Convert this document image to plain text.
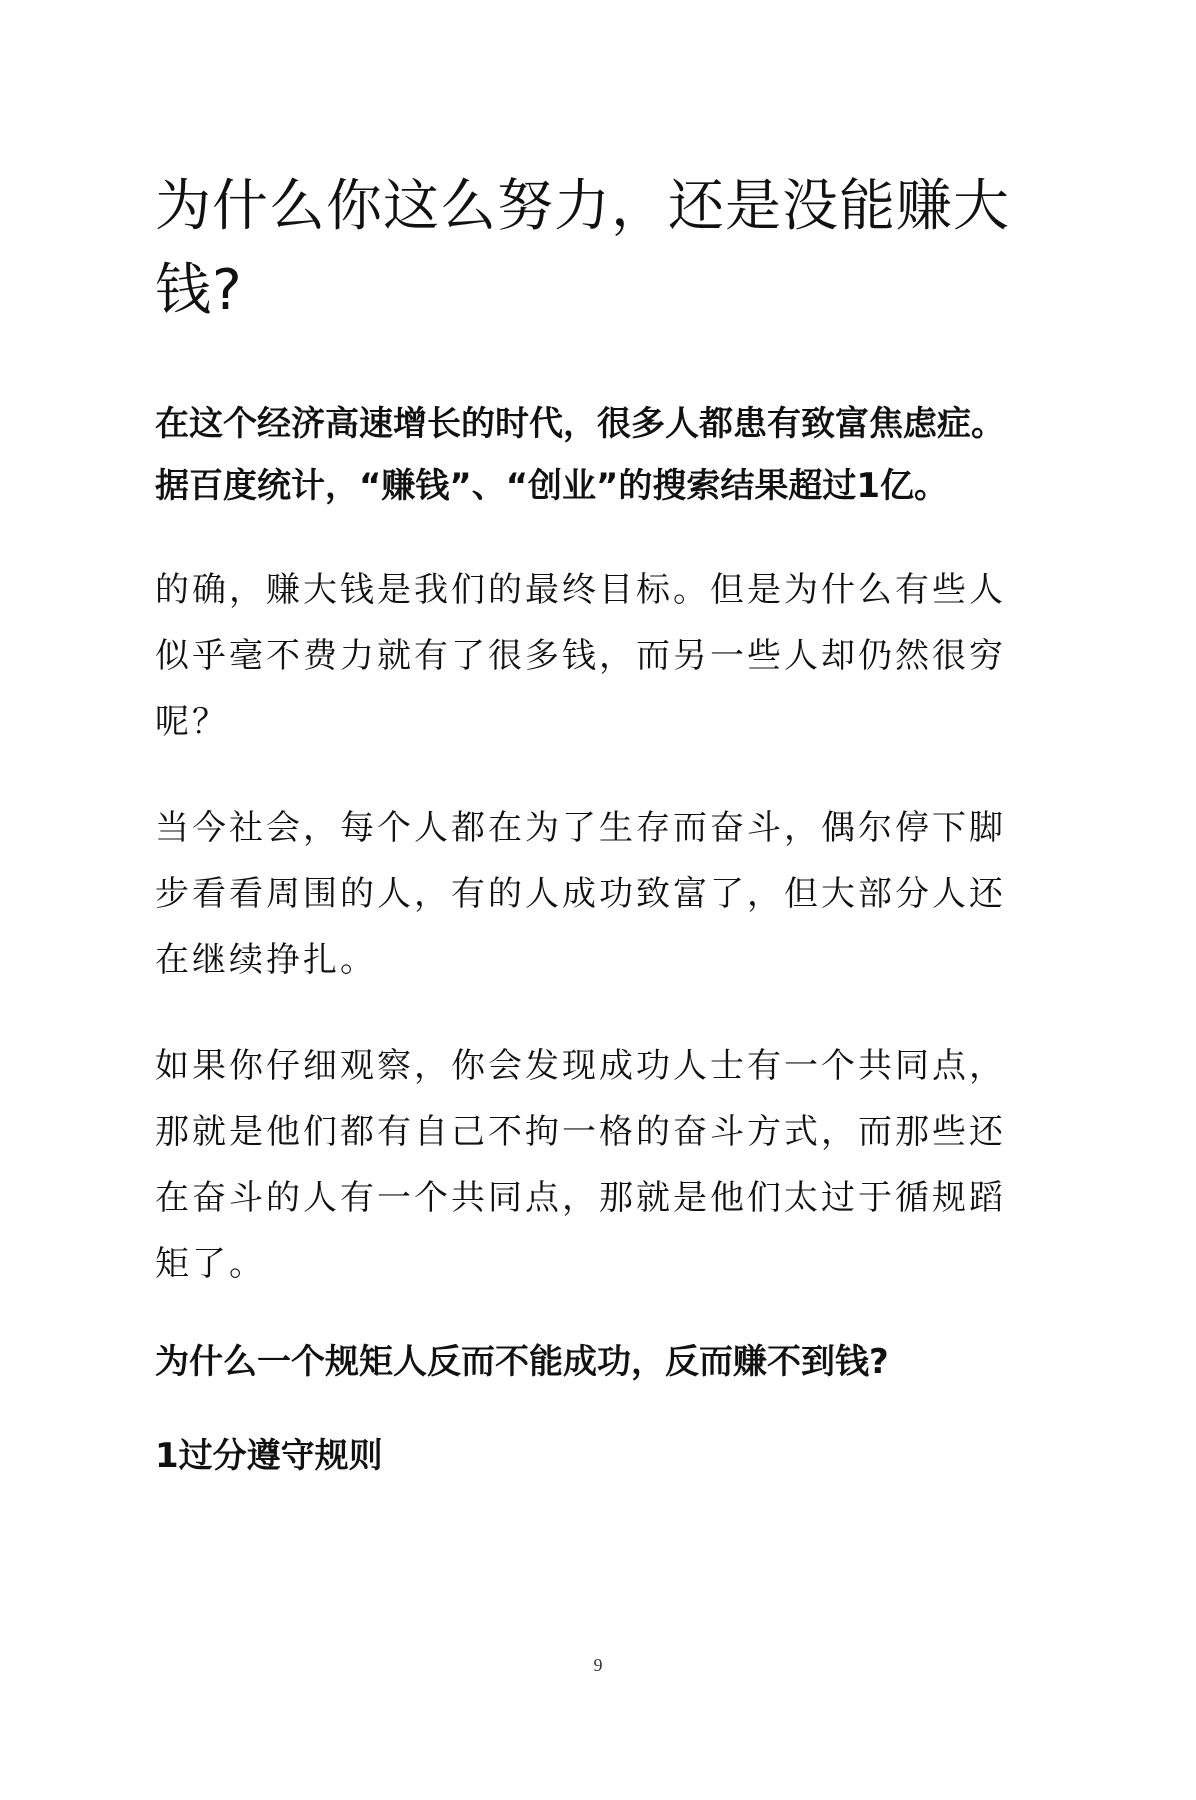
为什么你这么努力，还是没能赚大钱?

在这个经济高速增长的时代，很多人都患有致富焦虑症。据百度统计，“赚钱”、“创业”的搜索结果超过1亿。

的确，赚大钱是我们的最终目标。但是为什么有些人似乎毫不费力就有了很多钱，而另一些人却仍然很穷呢？

当今社会，每个人都在为了生存而奋斗，偶尔停下脚步看看周围的人，有的人成功致富了，但大部分人还在继续挣扎。

如果你仔细观察，你会发现成功人士有一个共同点，那就是他们都有自己不拘一格的奋斗方式，而那些还在奋斗的人有一个共同点，那就是他们太过于循规蹈矩了。

为什么一个规矩人反而不能成功，反而赚不到钱?

1过分遵守规则

9
